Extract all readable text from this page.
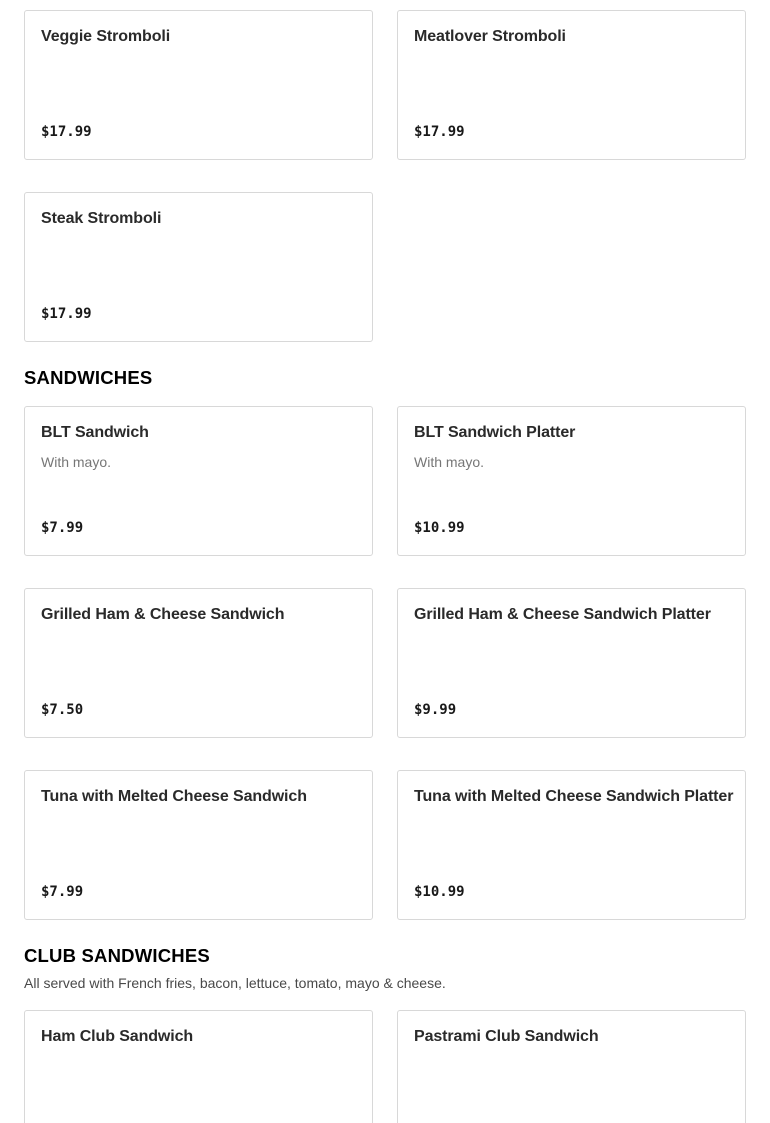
Veggie Stromboli
$17.99
Meatlover Stromboli
$17.99
Steak Stromboli
$17.99
SANDWICHES
BLT Sandwich
With mayo.
$7.99
BLT Sandwich Platter
With mayo.
$10.99
Grilled Ham & Cheese Sandwich
$7.50
Grilled Ham & Cheese Sandwich Platter
$9.99
Tuna with Melted Cheese Sandwich
$7.99
Tuna with Melted Cheese Sandwich Platter
$10.99
CLUB SANDWICHES
All served with French fries, bacon, lettuce, tomato, mayo & cheese.
Ham Club Sandwich	Pastrami Club Sandwich
